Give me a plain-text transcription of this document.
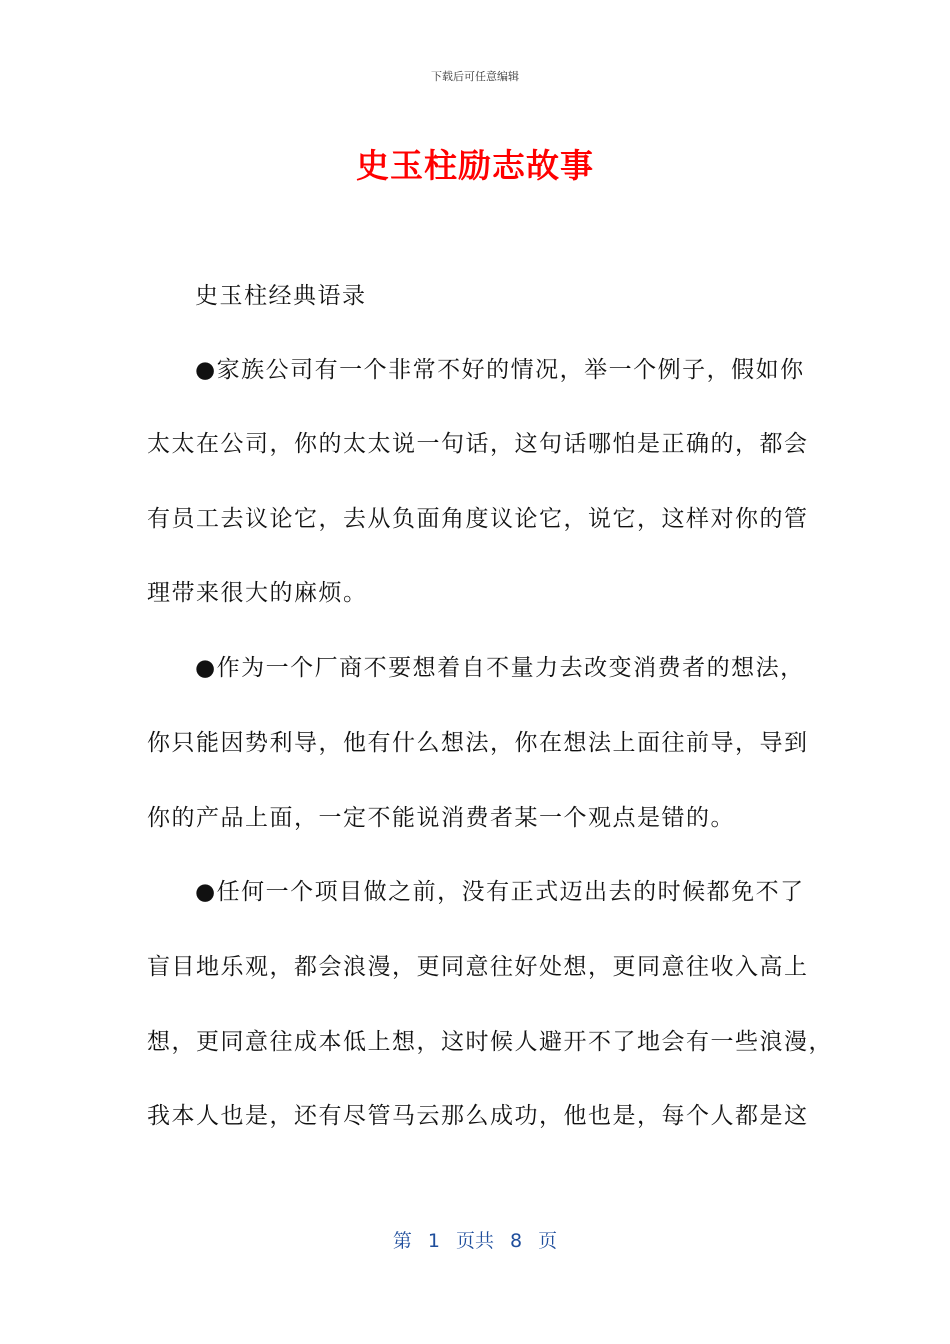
下载后可任意编辑
史玉柱励志故事
史玉柱经典语录
●家族公司有一个非常不好的情况，举一个例子，假如你
太太在公司，你的太太说一句话，这句话哪怕是正确的，都会
有员工去议论它，去从负面角度议论它，说它，这样对你的管
理带来很大的麻烦。
●作为一个厂商不要想着自不量力去改变消费者的想法，
你只能因势利导，他有什么想法，你在想法上面往前导，导到
你的产品上面，一定不能说消费者某一个观点是错的。
●任何一个项目做之前，没有正式迈出去的时候都免不了
盲目地乐观，都会浪漫，更同意往好处想，更同意往收入高上
想，更同意往成本低上想，这时候人避开不了地会有一些浪漫，
我本人也是，还有尽管马云那么成功，他也是，每个人都是这
第 1 页共 8 页
